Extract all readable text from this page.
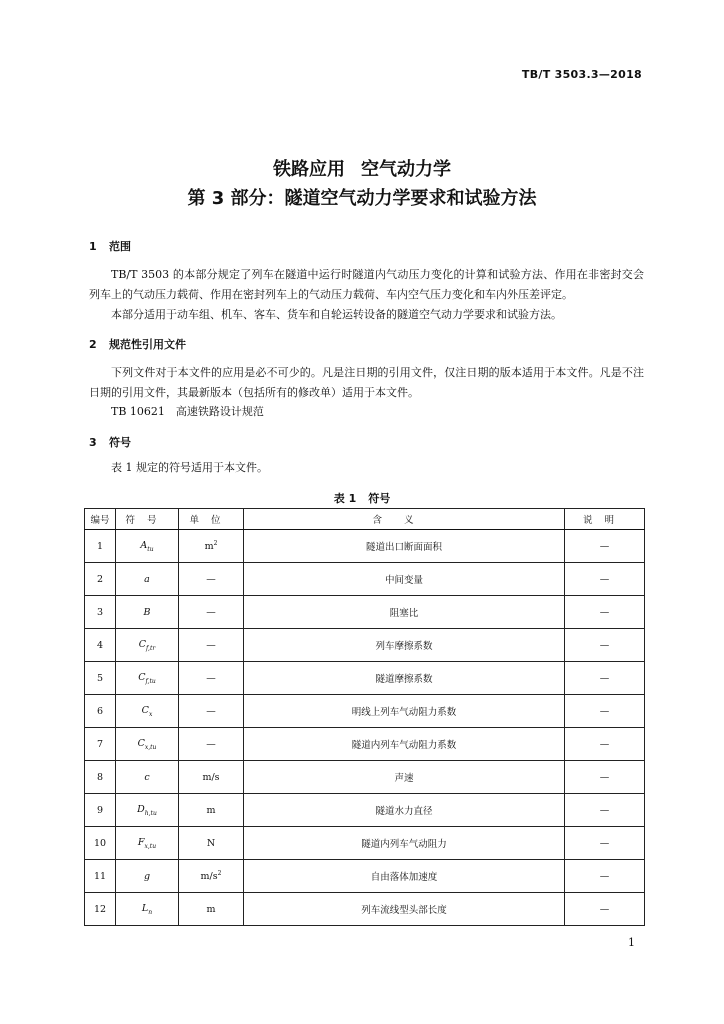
TB/T 3503.3—2018
铁路应用 空气动力学
第 3 部分：隧道空气动力学要求和试验方法
1 范围

TB/T 3503 的本部分规定了列车在隧道中运行时隧道内气动压力变化的计算和试验方法、作用在非密封交会列车上的气动压力载荷、作用在密封列车上的气动压力载荷、车内空气压力变化和车内外压差评定。

本部分适用于动车组、机车、客车、货车和自轮运转设备的隧道空气动力学要求和试验方法。

2 规范性引用文件

下列文件对于本文件的应用是必不可少的。凡是注日期的引用文件，仅注日期的版本适用于本文件。凡是不注日期的引用文件，其最新版本（包括所有的修改单）适用于本文件。

TB 10621　高速铁路设计规范

3 符号

表 1 规定的符号适用于本文件。

表 1 符号
编号	符号	单位	含义	说明
1	$A_{tu}$	$m^2$	隧道出口断面面积	—
2	a	—	中间变量	—
3	B	—	阻塞比	—
4	$C_{f,tr}$	—	列车摩擦系数	—
5	$C_{f,tu}$	—	隧道摩擦系数	—
6	$C_x$	—	明线上列车气动阻力系数	—
7	$C_{x,tu}$	—	隧道内列车气动阻力系数	—
8	c	m/s	声速	—
9	$D_{h,tu}$	m	隧道水力直径	—
10	$F_{x,tu}$	N	隧道内列车气动阻力	—
11	g	$m/s^2$	自由落体加速度	—
12	$L_n$	m	列车流线型头部长度	—
1
